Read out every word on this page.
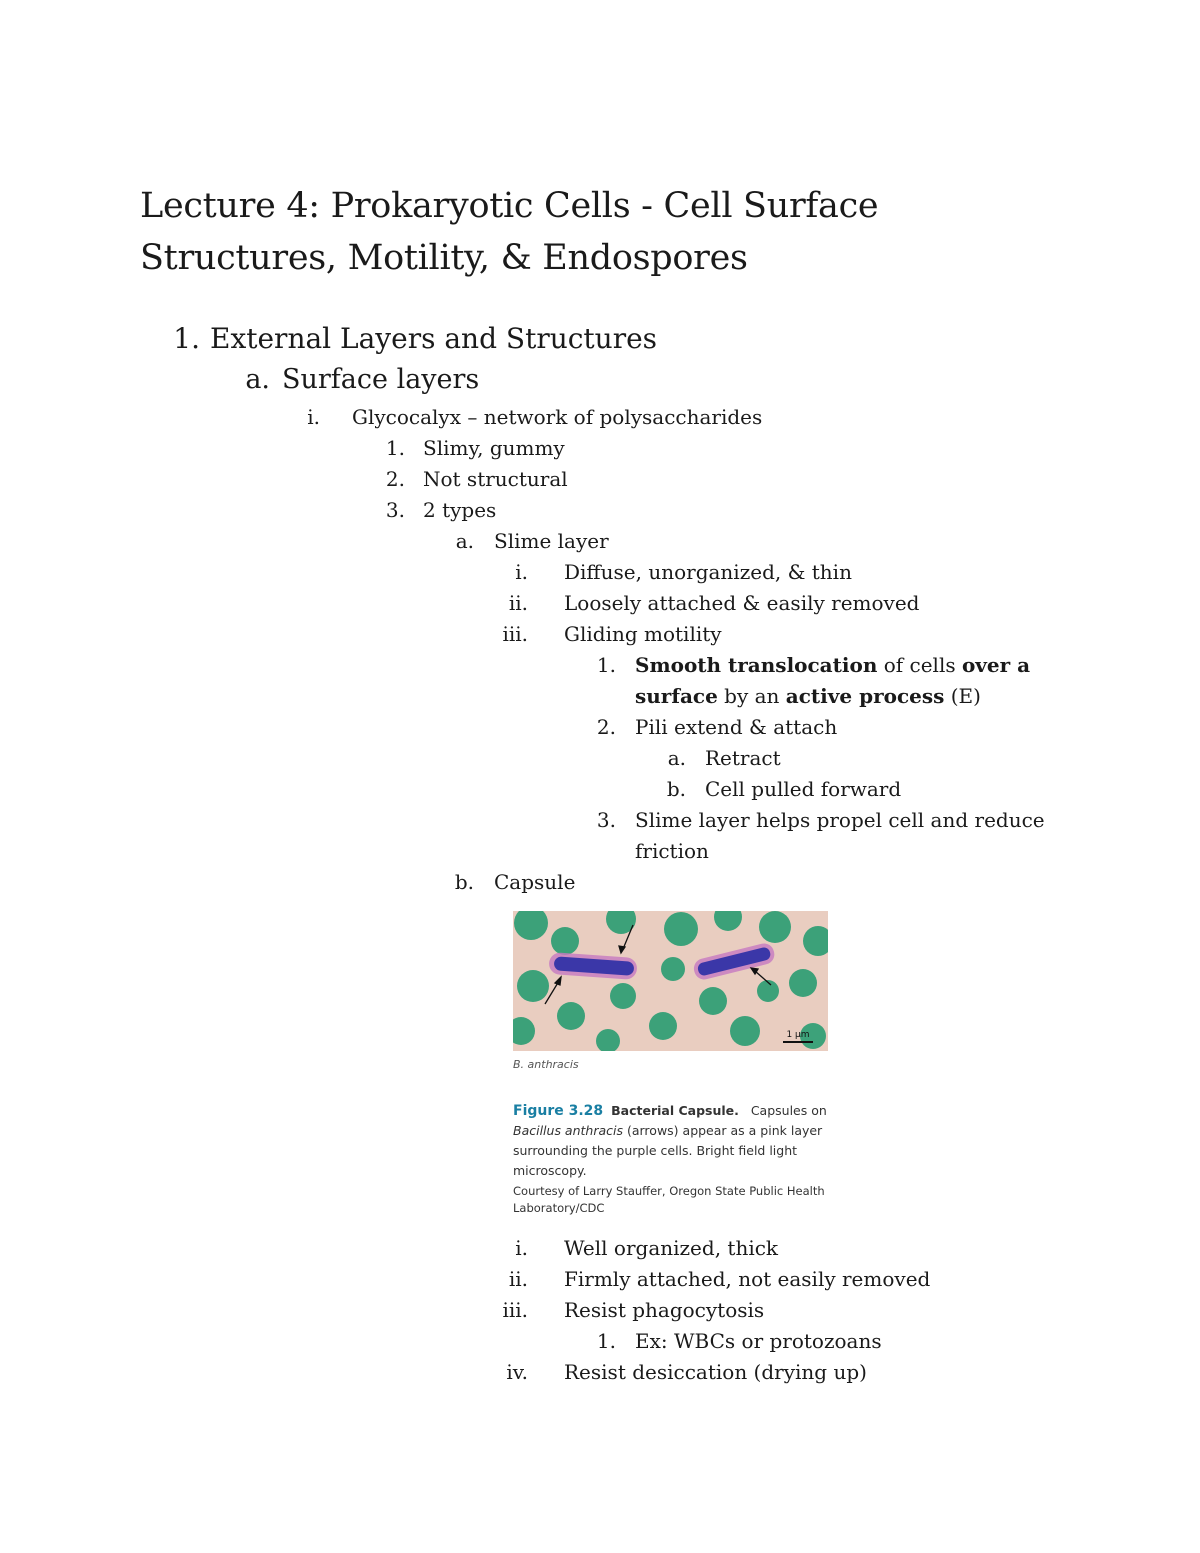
Lecture 4: Prokaryotic Cells - Cell Surface Structures, Motility, & Endospores
1. External Layers and Structures
a. Surface layers
i. Glycocalyx – network of polysaccharides
1. Slimy, gummy
2. Not structural
3. 2 types
a. Slime layer
i. Diffuse, unorganized, & thin
ii. Loosely attached & easily removed
iii. Gliding motility
1. Smooth translocation of cells over a
surface by an active process (E)
2. Pili extend & attach
a. Retract
b. Cell pulled forward
3. Slime layer helps propel cell and reduce
friction
b. Capsule
1 μm
B. anthracis
Figure 3.28 Bacterial Capsule. Capsules on Bacillus anthracis (arrows) appear as a pink layer surrounding the purple cells. Bright field light microscopy.
Courtesy of Larry Stauffer, Oregon State Public Health Laboratory/CDC
i. Well organized, thick
ii. Firmly attached, not easily removed
iii. Resist phagocytosis
1. Ex: WBCs or protozoans
iv. Resist desiccation (drying up)
